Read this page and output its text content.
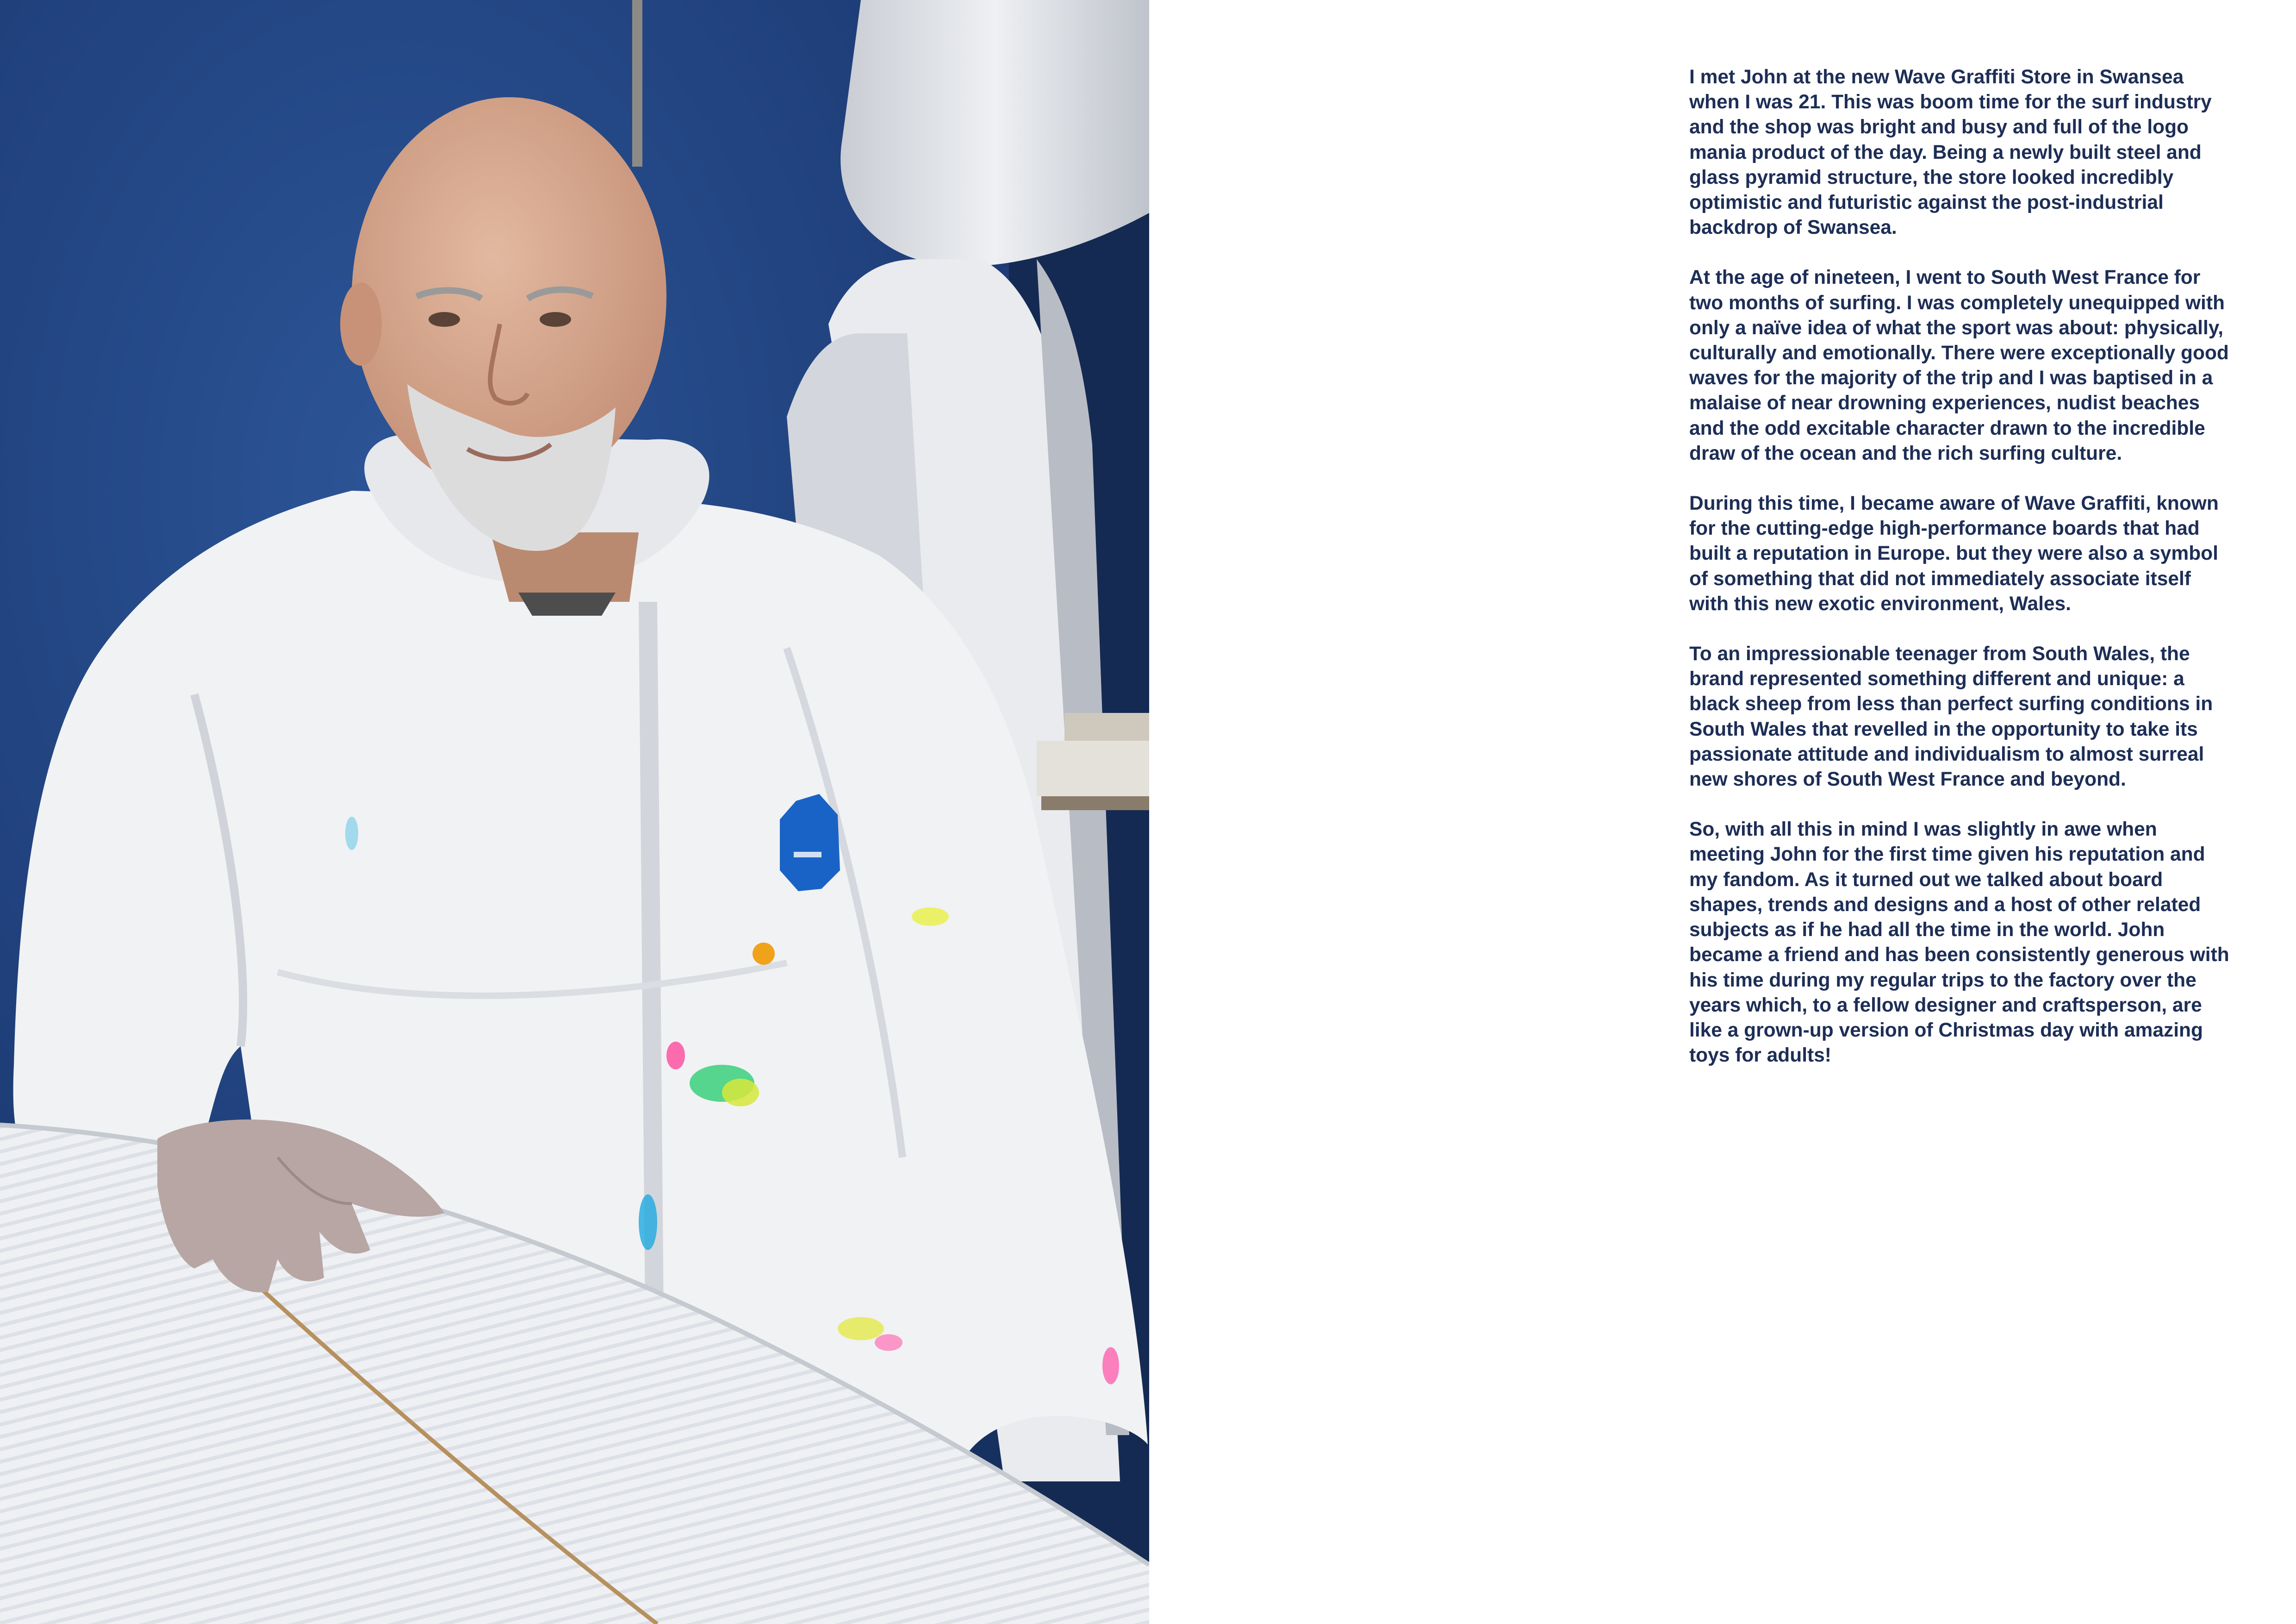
I met John at the new Wave Graffiti Store in Swansea when I was 21. This was boom time for the surf industry and the shop was bright and busy and full of the logo mania product of the day. Being a newly built steel and glass pyramid structure, the store looked incredibly optimistic and futuristic against the post-industrial backdrop of Swansea.

At the age of nineteen, I went to South West France for two months of surfing. I was completely unequipped with only a naïve idea of what the sport was about: physically, culturally and emotionally. There were exceptionally good waves for the majority of the trip and I was baptised in a malaise of near drowning experiences, nudist beaches and the odd excitable character drawn to the incredible draw of the ocean and the rich surfing culture.

During this time, I became aware of Wave Graffiti, known for the cutting-edge high-performance boards that had built a reputation in Europe. but they were also a symbol of something that did not immediately associate itself with this new exotic environment, Wales.

To an impressionable teenager from South Wales, the brand represented something different and unique: a black sheep from less than perfect surfing conditions in South Wales that revelled in the opportunity to take its passionate attitude and individualism to almost surreal new shores of South West France and beyond.

So, with all this in mind I was slightly in awe when meeting John for the first time given his reputation and my fandom. As it turned out we talked about board shapes, trends and designs and a host of other related subjects as if he had all the time in the world. John became a friend and has been consistently generous with his time during my regular trips to the factory over the years which, to a fellow designer and craftsperson, are like a grown-up version of Christmas day with amazing toys for adults!
